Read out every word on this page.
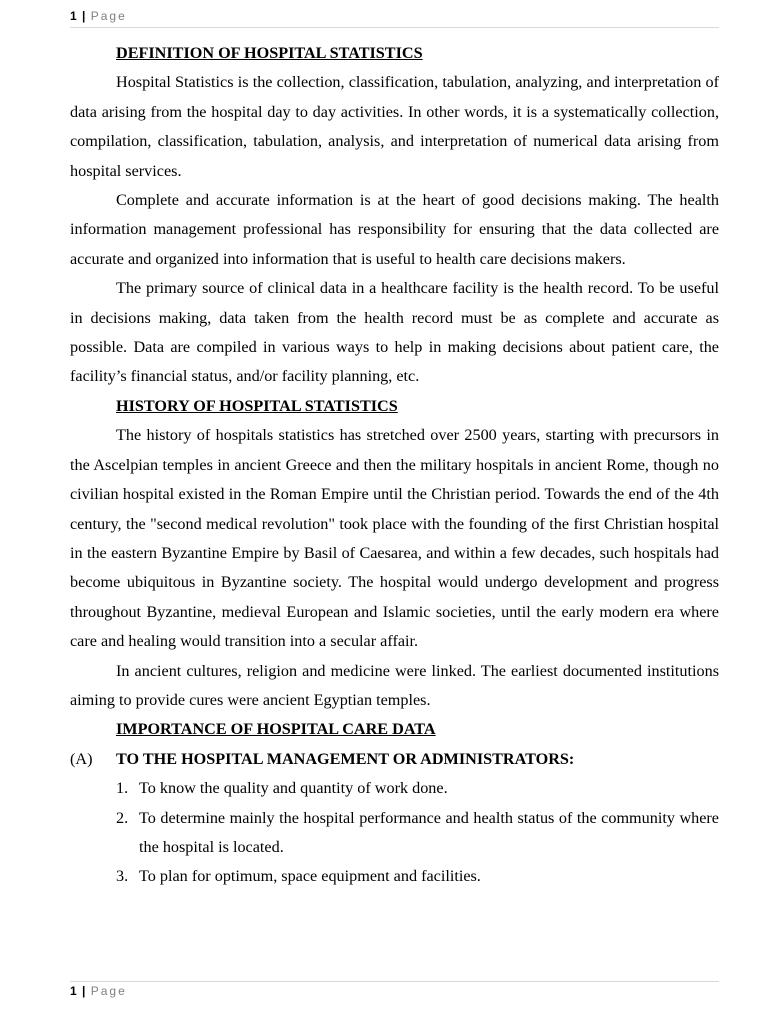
1 | Page

DEFINITION OF HOSPITAL STATISTICS

Hospital Statistics is the collection, classification, tabulation, analyzing, and interpretation of data arising from the hospital day to day activities. In other words, it is a systematically collection, compilation, classification, tabulation, analysis, and interpretation of numerical data arising from hospital services.

Complete and accurate information is at the heart of good decisions making. The health information management professional has responsibility for ensuring that the data collected are accurate and organized into information that is useful to health care decisions makers.

The primary source of clinical data in a healthcare facility is the health record. To be useful in decisions making, data taken from the health record must be as complete and accurate as possible. Data are compiled in various ways to help in making decisions about patient care, the facility’s financial status, and/or facility planning, etc.

HISTORY OF HOSPITAL STATISTICS

The history of hospitals statistics has stretched over 2500 years, starting with precursors in the Ascelpian temples in ancient Greece and then the military hospitals in ancient Rome, though no civilian hospital existed in the Roman Empire until the Christian period. Towards the end of the 4th century, the "second medical revolution" took place with the founding of the first Christian hospital in the eastern Byzantine Empire by Basil of Caesarea, and within a few decades, such hospitals had become ubiquitous in Byzantine society. The hospital would undergo development and progress throughout Byzantine, medieval European and Islamic societies, until the early modern era where care and healing would transition into a secular affair.

In ancient cultures, religion and medicine were linked. The earliest documented institutions aiming to provide cures were ancient Egyptian temples.

IMPORTANCE OF HOSPITAL CARE DATA

(A)	TO THE HOSPITAL MANAGEMENT OR ADMINISTRATORS:
1. To know the quality and quantity of work done.
2. To determine mainly the hospital performance and health status of the community where the hospital is located.
3. To plan for optimum, space equipment and facilities.
1 | Page
